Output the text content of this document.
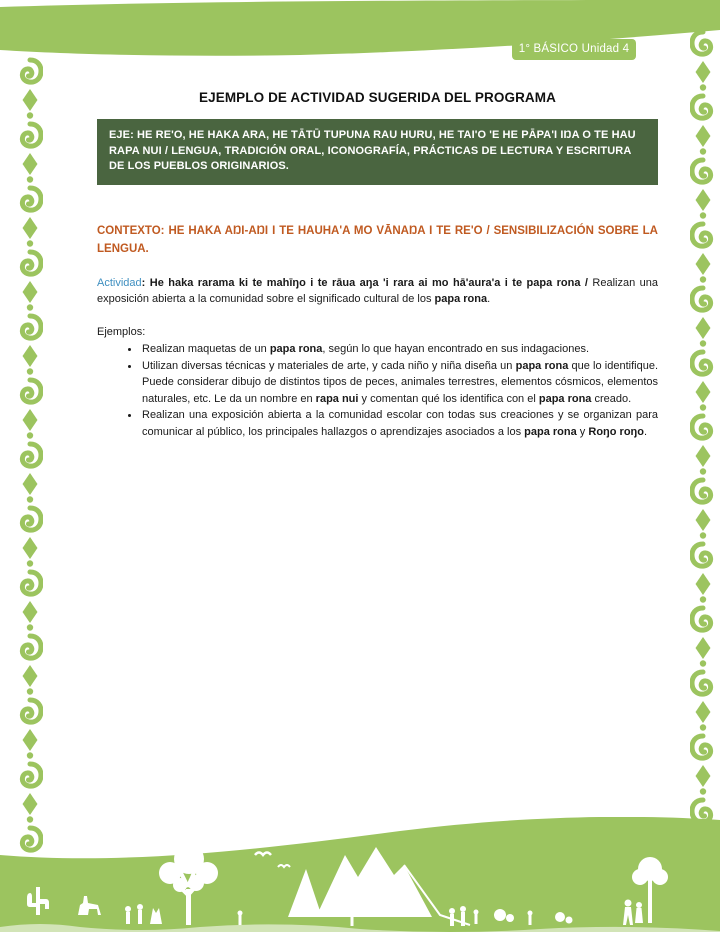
1° BÁSICO Unidad 4
EJEMPLO DE ACTIVIDAD SUGERIDA DEL PROGRAMA
EJE: HE RE'O, HE HAKA ARA, HE TĀTŪ TUPUNA RAU HURU, HE TAI'O 'E HE PĀPA'I IŊA O TE HAU RAPA NUI / LENGUA, TRADICIÓN ORAL, ICONOGRAFÍA, PRÁCTICAS DE LECTURA Y ESCRITURA DE LOS PUEBLOS ORIGINARIOS.

CONTEXTO: HE HAKA AŊI-AŊI I TE HAUHA'A MO VĀNAŊA I TE RE'O / SENSIBILIZACIÓN SOBRE LA LENGUA.

Actividad: He haka rarama ki te mahīŋo i te rāua aŋa 'i rara ai mo hā'aura'a i te papa rona / Realizan una exposición abierta a la comunidad sobre el significado cultural de los papa rona.

Ejemplos:

• Realizan maquetas de un papa rona, según lo que hayan encontrado en sus indagaciones.
• Utilizan diversas técnicas y materiales de arte, y cada niño y niña diseña un papa rona que lo identifique. Puede considerar dibujo de distintos tipos de peces, animales terrestres, elementos cósmicos, elementos naturales, etc. Le da un nombre en rapa nui y comentan qué los identifica con el papa rona creado.
• Realizan una exposición abierta a la comunidad escolar con todas sus creaciones y se organizan para comunicar al público, los principales hallazgos o aprendizajes asociados a los papa rona y Roŋo roŋo.
